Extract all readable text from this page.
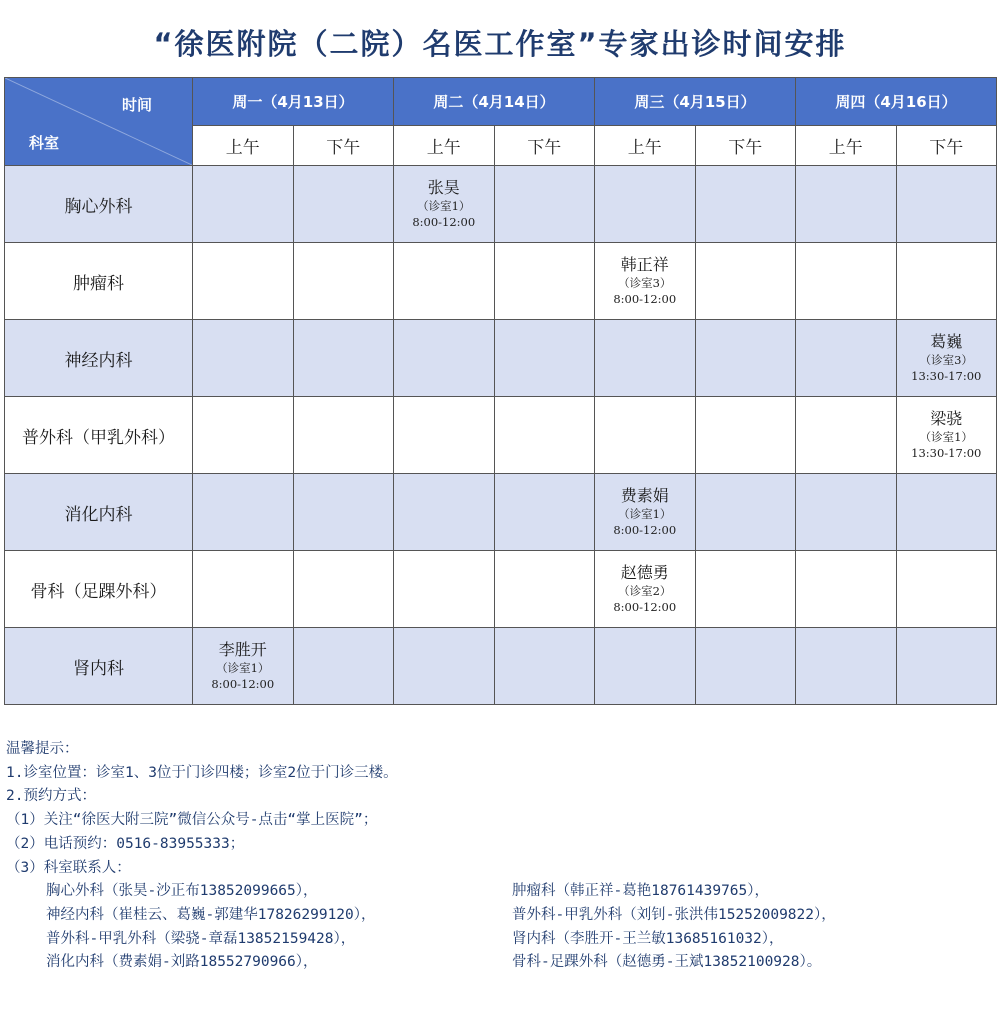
“徐医附院（二院）名医工作室”专家出诊时间安排
时间
科室	周一（4月13日）		周二（4月14日）		周三（4月15日）		周四（4月16日）	
	上午	下午	上午	下午	上午	下午	上午	下午
胸心外科			张昊
（诊室1）
8:00-12:00					

肿瘤科					韩正祥
（诊室3）
8:00-12:00			

神经内科								葛巍
（诊室3）
13:30-17:00

普外科（甲乳外科）								梁骁
（诊室1）
13:30-17:00

消化内科					费素娟
（诊室1）
8:00-12:00			

骨科（足踝外科）					赵德勇
（诊室2）
8:00-12:00			

肾内科	李胜开
（诊室1）
8:00-12:00							

温馨提示：
1.诊室位置：诊室1、3位于门诊四楼；诊室2位于门诊三楼。
2.预约方式：
（1）关注“徐医大附三院”微信公众号-点击“掌上医院”；
（2）电话预约：0516-83955333；
（3）科室联系人：
胸心外科（张昊-沙正布13852099665），	肿瘤科（韩正祥-葛艳18761439765），
神经内科（崔桂云、葛巍-郭建华17826299120），	普外科-甲乳外科（刘钊-张洪伟15252009822），
普外科-甲乳外科（梁骁-章磊13852159428），	肾内科（李胜开-王兰敏13685161032），
消化内科（费素娟-刘路18552790966），	骨科-足踝外科（赵德勇-王斌13852100928）。
